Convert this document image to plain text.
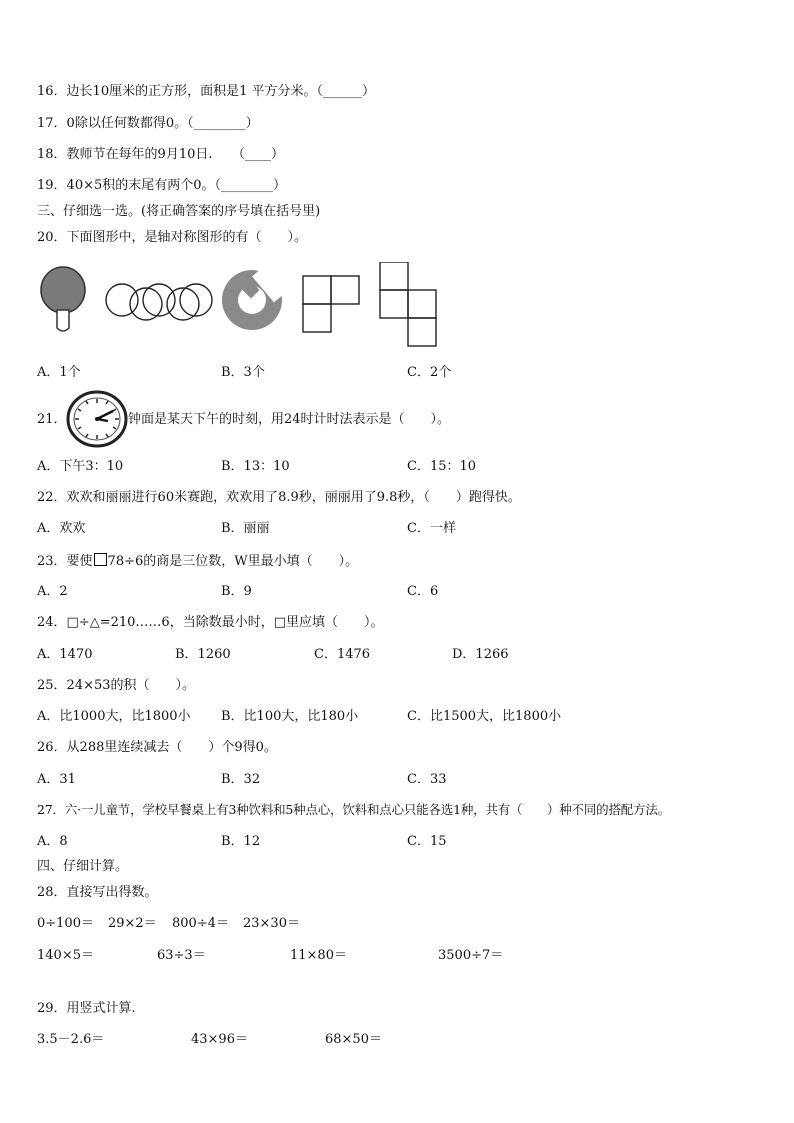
16．边长10厘米的正方形，面积是1 平方分米。（______）
17．0除以任何数都得0。（________）
18．教师节在每年的9月10日.　　（____）
19．40×5积的末尾有两个0。（________）
三、仔细选一选。(将正确答案的序号填在括号里)
20．下面图形中，是轴对称图形的有（　　）。
A．1个	B．3个	C．2个
21．	钟面是某天下午的时刻，用24时计时法表示是（　　）。
A．下午3：10	B．13：10	C．15：10
22．欢欢和丽丽进行60米赛跑，欢欢用了8.9秒，丽丽用了9.8秒，（　　）跑得快。
A．欢欢	B．丽丽	C．一样
23．要使 78÷6的商是三位数，W里最小填（　　）。
A．2	B．9	C．6
24．□÷△=210……6，当除数最小时，□里应填（　　）。
A．1470	B．1260	C．1476	D．1266
25．24×53的积（　　）。
A．比1000大，比1800小 B．比100大，比180小	C．比1500大，比1800小
26．从288里连续减去（　　）个9得0。
A．31	B．32	C．33
27．六·一儿童节，学校早餐桌上有3种饮料和5种点心，饮料和点心只能各选1种，共有（　　）种不同的搭配方法。
A．8	B．12	C．15
四、仔细计算。
28．直接写出得数。
0÷100＝ 29×2＝ 800÷4＝ 23×30＝
140×5＝	63÷3＝	11×80＝	3500÷7＝
29．用竖式计算.
3.5－2.6＝	43×96＝	68×50＝
